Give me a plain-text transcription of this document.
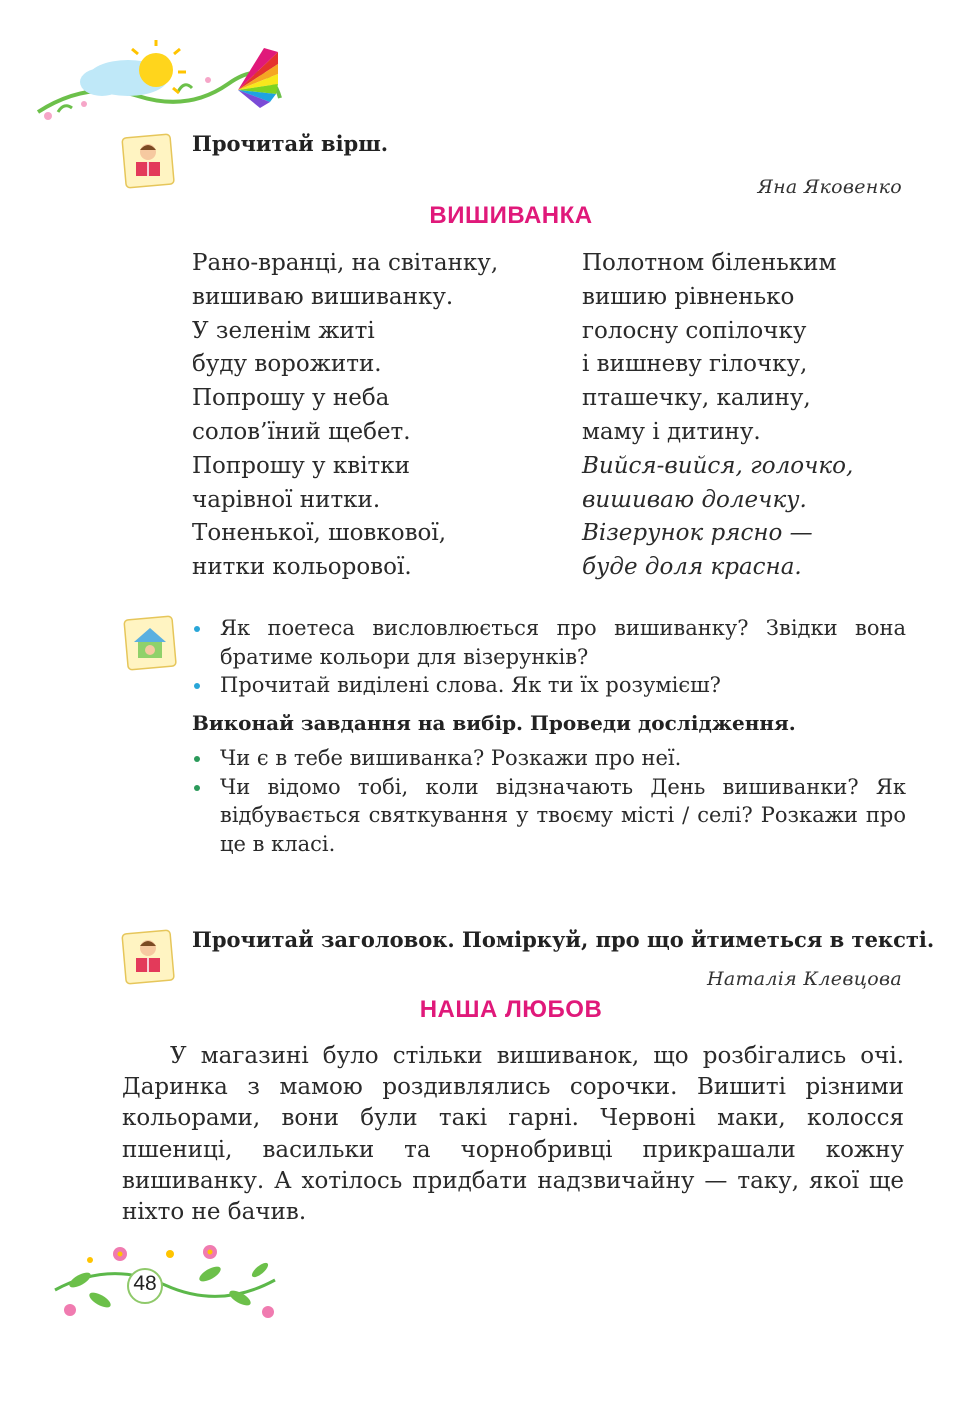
Прочитай вірш.
Яна Яковенко
ВИШИВАНКА
Рано-вранці, на світанку,
вишиваю вишиванку.
У зеленім житі
буду ворожити.
Попрошу у неба
солов’їний щебет.
Попрошу у квітки
чарівної нитки.
Тоненької, шовкової,
нитки кольорової.
Полотном біленьким
вишию рівненько
голосну сопілочку
і вишневу гілочку,
пташечку, калину,
маму і дитину.
Вийся-вийся, голочко,
вишиваю долечку.
Візерунок рясно —
буде доля красна.
Як поетеса висловлюється про вишиванку? Звідки вона братиме кольори для візерунків?
Прочитай виділені слова. Як ти їх розумієш?
Виконай завдання на вибір. Проведи дослідження.
Чи є в тебе вишиванка? Розкажи про неї.
Чи відомо тобі, коли відзначають День вишиванки? Як відбувається святкування у твоєму місті / селі? Розкажи про це в класі.
Прочитай заголовок. Поміркуй, про що йтиметься в тексті.
Наталія Клевцова
НАША ЛЮБОВ

У магазині було стільки вишиванок, що розбігались очі. Даринка з мамою роздивлялись сорочки. Вишиті різними кольорами, вони були такі гарні. Червоні маки, колосся пшениці, васильки та чорнобривці прикрашали кожну вишиванку. А хотілось придбати надзвичайну — таку, якої ще ніхто не бачив.

48
